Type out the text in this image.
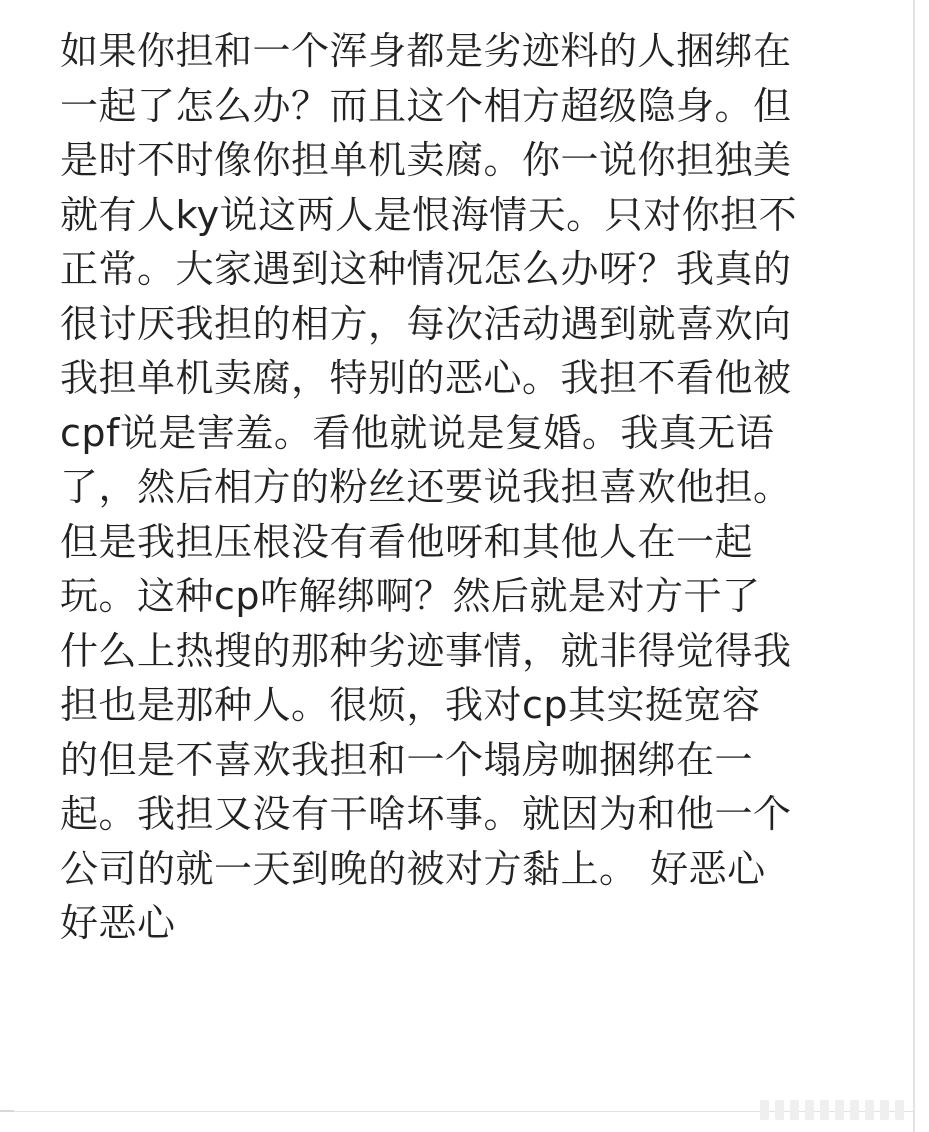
如果你担和一个浑身都是劣迹料的人捆绑在
一起了怎么办？而且这个相方超级隐身。但
是时不时像你担单机卖腐。你一说你担独美
就有人ky说这两人是恨海情天。只对你担不
正常。大家遇到这种情况怎么办呀？我真的
很讨厌我担的相方，每次活动遇到就喜欢向
我担单机卖腐，特别的恶心。我担不看他被
cpf说是害羞。看他就说是复婚。我真无语
了，然后相方的粉丝还要说我担喜欢他担。
但是我担压根没有看他呀和其他人在一起
玩。这种cp咋解绑啊？然后就是对方干了
什么上热搜的那种劣迹事情，就非得觉得我
担也是那种人。很烦，我对cp其实挺宽容
的但是不喜欢我担和一个塌房咖捆绑在一
起。我担又没有干啥坏事。就因为和他一个
公司的就一天到晚的被对方黏上。 好恶心
好恶心
